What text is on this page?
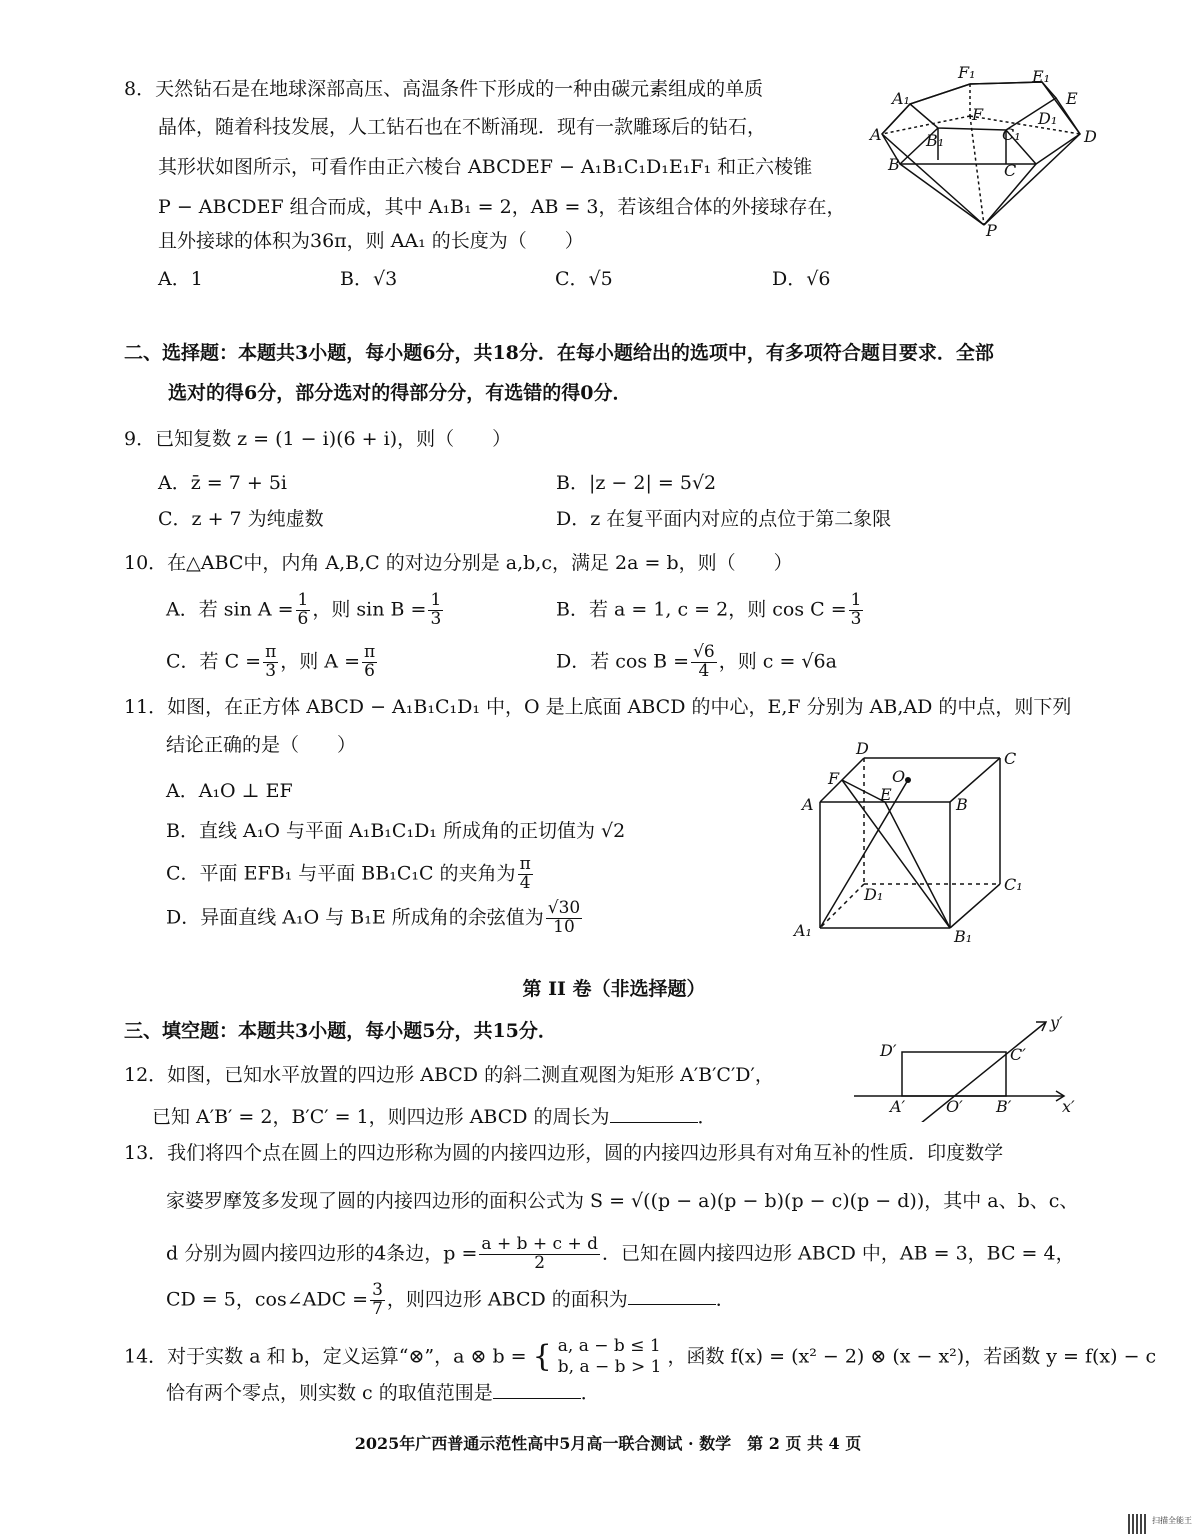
8．天然钻石是在地球深部高压、高温条件下形成的一种由碳元素组成的单质
晶体，随着科技发展，人工钻石也在不断涌现．现有一款雕琢后的钻石，
其形状如图所示，可看作由正六棱台 ABCDEF − A₁B₁C₁D₁E₁F₁ 和正六棱锥
P − ABCDEF 组合而成，其中 A₁B₁ = 2，AB = 3，若该组合体的外接球存在，
且外接球的体积为36π，则 AA₁ 的长度为（　　）
A．1	B．√3	C．√5	D．√6
F₁	E₁
A₁	E
F	D₁
A	B₁	C₁	D
B	C
P
二、选择题：本题共3小题，每小题6分，共18分．在每小题给出的选项中，有多项符合题目要求．全部
选对的得6分，部分选对的得部分分，有选错的得0分．
9．已知复数 z = (1 − i)(6 + i)，则（　　）
A．z̄ = 7 + 5i	B．|z − 2| = 5√2
C．z + 7 为纯虚数	D．z 在复平面内对应的点位于第二象限
10．在△ABC中，内角 A,B,C 的对边分别是 a,b,c，满足 2a = b，则（　　）
A．若 $\sin A = \frac{1}{6}$ ，则 $\sin B = \frac{1}{3}$	B．若 a = 1, c = 2，则 $\cos C = \frac{1}{3}$
C．若 $C = \frac{\pi}{3}$ ，则 $A = \frac{\pi}{6}$	D．若 $\cos B = \frac{√6}{4}$ ，则 c = √6a
11．如图，在正方体 ABCD − A₁B₁C₁D₁ 中，O 是上底面 ABCD 的中心，E,F 分别为 AB,AD 的中点，则下列
结论正确的是（　　）
A．A₁O ⊥ EF
B．直线 A₁O 与平面 A₁B₁C₁D₁ 所成角的正切值为 √2
C．平面 EFB₁ 与平面 BB₁C₁C 的夹角为 $\frac{\pi}{4}$
D．异面直线 A₁O 与 B₁E 所成角的余弦值为 $\frac{√30}{10}$
D
C
F	O
A
E
B
C₁
D₁
A₁	B₁
第 II 卷（非选择题）
三、填空题：本题共3小题，每小题5分，共15分．
12．如图，已知水平放置的四边形 ABCD 的斜二测直观图为矩形 A′B′C′D′，
已知 A′B′ = 2，B′C′ = 1，则四边形 ABCD 的周长为	．
y′
D′	C′
A′	O′ B′	x′
13．我们将四个点在圆上的四边形称为圆的内接四边形，圆的内接四边形具有对角互补的性质．印度数学
家婆罗摩笈多发现了圆的内接四边形的面积公式为 S = √((p − a)(p − b)(p − c)(p − d))，其中 a、b、c、
d 分别为圆内接四边形的4条边，$p = \frac{a + b + c + d}{2}$ ．已知在圆内接四边形 ABCD 中，AB = 3，BC = 4，
CD = 5，cos∠ADC = $\frac{3}{7}$ ，则四边形 ABCD 的面积为	．
14．对于实数 a 和 b，定义运算“⊗”，a ⊗ b = { a, a − b ≤ 1
b, a − b > 1 ，函数 f(x) = (x² − 2) ⊗ (x − x²)，若函数 y = f(x) − c
恰有两个零点，则实数 c 的取值范围是	．
2025年广西普通示范性高中5月高一联合测试 · 数学　第 2 页 共 4 页
扫描全能王
